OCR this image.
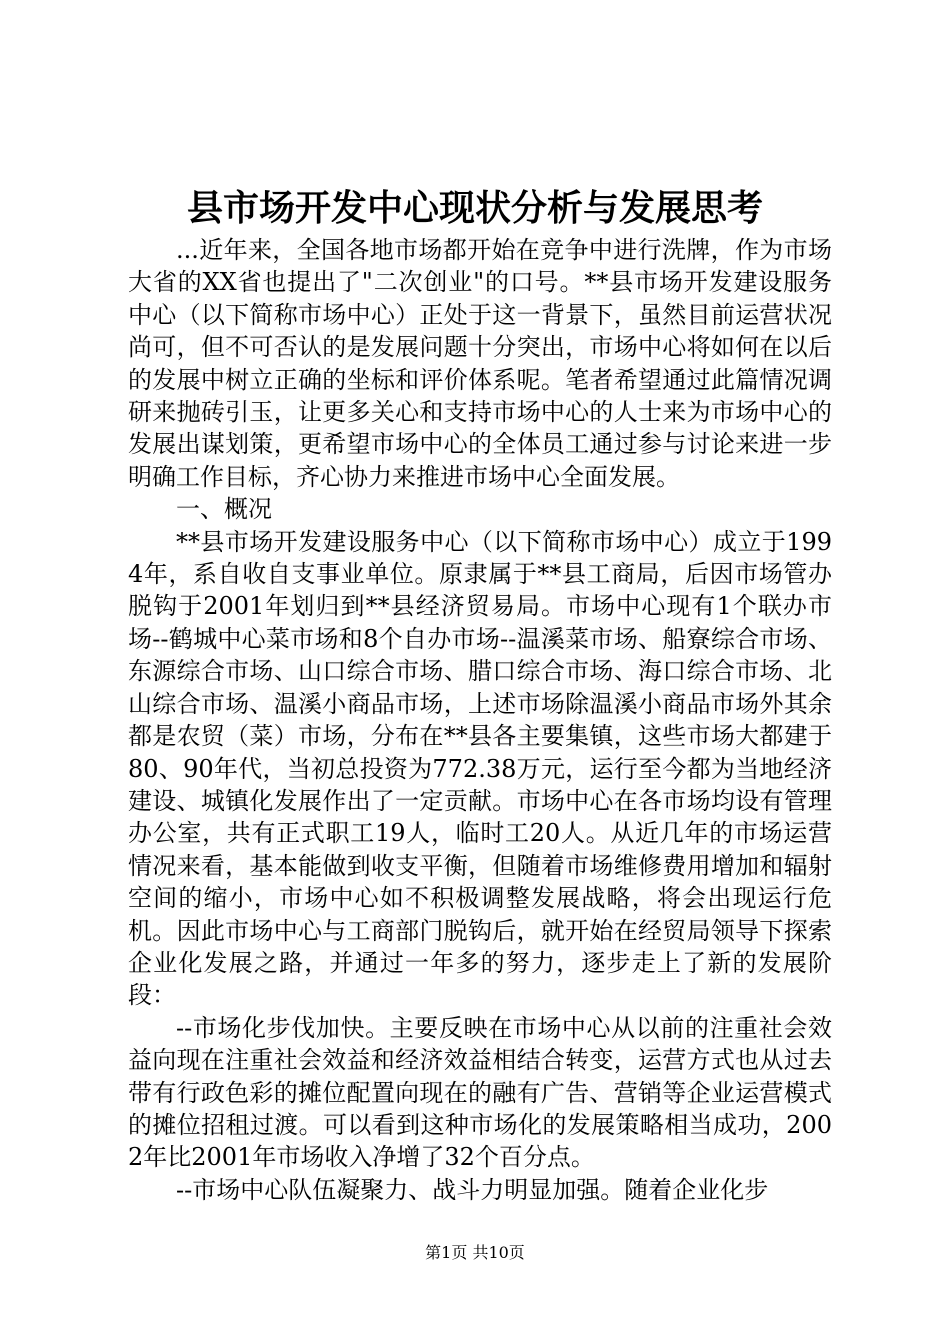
县市场开发中心现状分析与发展思考

...近年来，全国各地市场都开始在竞争中进行洗牌，作为市场大省的XX省也提出了"二次创业"的口号。**县市场开发建设服务中心（以下简称市场中心）正处于这一背景下，虽然目前运营状况尚可，但不可否认的是发展问题十分突出，市场中心将如何在以后的发展中树立正确的坐标和评价体系呢。笔者希望通过此篇情况调研来抛砖引玉，让更多关心和支持市场中心的人士来为市场中心的发展出谋划策，更希望市场中心的全体员工通过参与讨论来进一步明确工作目标，齐心协力来推进市场中心全面发展。

一、概况

**县市场开发建设服务中心（以下简称市场中心）成立于1994年，系自收自支事业单位。原隶属于**县工商局，后因市场管办脱钩于2001年划归到**县经济贸易局。市场中心现有1个联办市场--鹤城中心菜市场和8个自办市场--温溪菜市场、船寮综合市场、东源综合市场、山口综合市场、腊口综合市场、海口综合市场、北山综合市场、温溪小商品市场，上述市场除温溪小商品市场外其余都是农贸（菜）市场，分布在**县各主要集镇，这些市场大都建于80、90年代，当初总投资为772.38万元，运行至今都为当地经济建设、城镇化发展作出了一定贡献。市场中心在各市场均设有管理办公室，共有正式职工19人，临时工20人。从近几年的市场运营情况来看，基本能做到收支平衡，但随着市场维修费用增加和辐射空间的缩小，市场中心如不积极调整发展战略，将会出现运行危机。因此市场中心与工商部门脱钩后，就开始在经贸局领导下探索企业化发展之路，并通过一年多的努力，逐步走上了新的发展阶段：

--市场化步伐加快。主要反映在市场中心从以前的注重社会效益向现在注重社会效益和经济效益相结合转变，运营方式也从过去带有行政色彩的摊位配置向现在的融有广告、营销等企业运营模式的摊位招租过渡。可以看到这种市场化的发展策略相当成功，2002年比2001年市场收入净增了32个百分点。

--市场中心队伍凝聚力、战斗力明显加强。随着企业化步

第1页 共10页
